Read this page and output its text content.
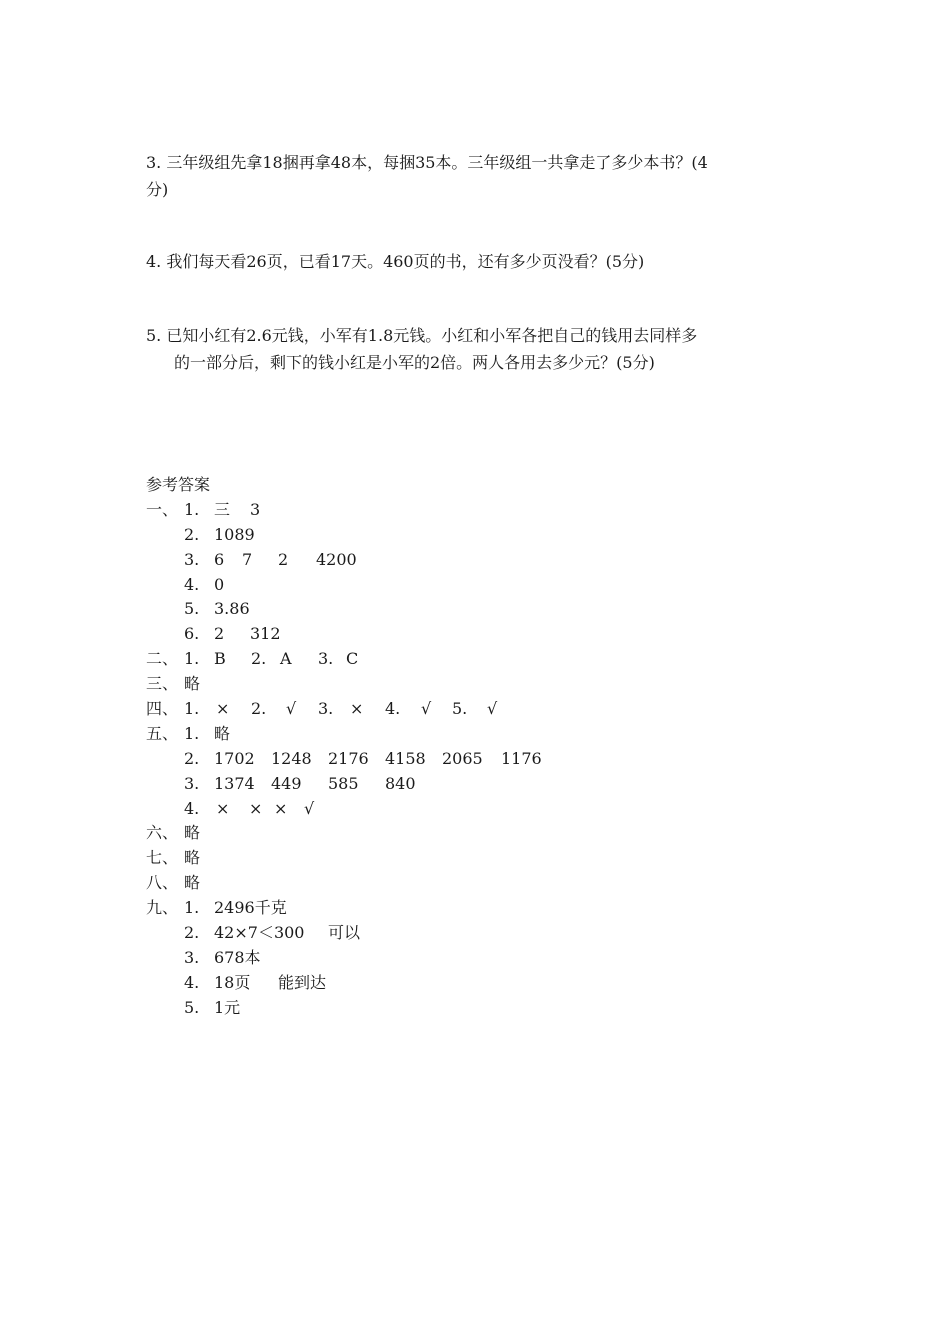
3. 三年级组先拿18捆再拿48本，每捆35本。三年级组一共拿走了多少本书？(4
分)
4. 我们每天看26页，已看17天。460页的书，还有多少页没看？(5分)
5. 已知小红有2.6元钱，小军有1.8元钱。小红和小军各把自己的钱用去同样多
的一部分后，剩下的钱小红是小军的2倍。两人各用去多少元？(5分)
参考答案
一、 1. 三 3
2. 1089
3. 6 7 2 4200
4. 0
5. 3.86
6. 2 312
二、 1. B 2. A 3. C
三、 略
四、 1. × 2. √ 3. × 4. √ 5. √
五、 1. 略
2. 1702 1248 2176 4158 2065 1176
3. 1374 449 585 840
4. × × × √
六、 略
七、 略
八、 略
九、 1. 2496千克
2. 42×7＜300 可以
3. 678本
4. 18页 能到达
5. 1元
